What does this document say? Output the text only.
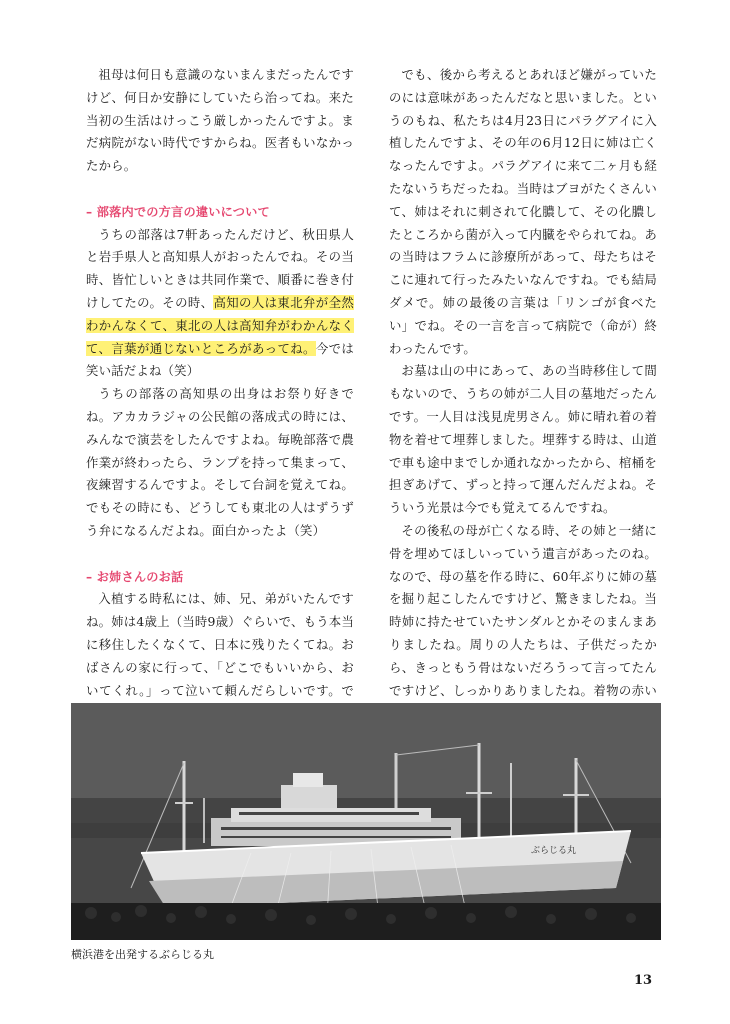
祖母は何日も意識のないまんまだったんですけど、何日か安静にしていたら治ってね。来た当初の生活はけっこう厳しかったんですよ。まだ病院がない時代ですからね。医者もいなかったから。

– 部落内での方言の違いについて

うちの部落は7軒あったんだけど、秋田県人と岩手県人と高知県人がおったんでね。その当時、皆忙しいときは共同作業で、順番に巻き付けしてたの。その時、高知の人は東北弁が全然わかんなくて、東北の人は高知弁がわかんなくて、言葉が通じないところがあってね。今では笑い話だよね（笑）

うちの部落の高知県の出身はお祭り好きでね。アカカラジャの公民館の落成式の時には、みんなで演芸をしたんですよね。毎晩部落で農作業が終わったら、ランプを持って集まって、夜練習するんですよ。そして台詞を覚えてね。でもその時にも、どうしても東北の人はずうずう弁になるんだよね。面白かったよ（笑）

– お姉さんのお話

入植する時私には、姉、兄、弟がいたんですね。姉は4歳上（当時9歳）ぐらいで、もう本当に移住したくなくて、日本に残りたくてね。おばさんの家に行って、「どこでもいいから、おいてくれ。」って泣いて頼んだらしいです。で

でも、後から考えるとあれほど嫌がっていたのには意味があったんだなと思いました。というのもね、私たちは4月23日にパラグアイに入植したんですよ、その年の6月12日に姉は亡くなったんですよ。パラグアイに来て二ヶ月も経たないうちだったね。当時はブヨがたくさんいて、姉はそれに刺されて化膿して、その化膿したところから菌が入って内臓をやられてね。あの当時はフラムに診療所があって、母たちはそこに連れて行ったみたいなんですね。でも結局ダメで。姉の最後の言葉は「リンゴが食べたい」でね。その一言を言って病院で（命が）終わったんです。

お墓は山の中にあって、あの当時移住して間もないので、うちの姉が二人目の墓地だったんです。一人目は浅見虎男さん。姉に晴れ着の着物を着せて埋葬しました。埋葬する時は、山道で車も途中までしか通れなかったから、棺桶を担ぎあげて、ずっと持って運んだんだよね。そういう光景は今でも覚えてるんですね。

その後私の母が亡くなる時、その姉と一緒に骨を埋めてほしいっていう遺言があったのね。なので、母の墓を作る時に、60年ぶりに姉の墓を掘り起こしたんですけど、驚きましたね。当時姉に持たせていたサンダルとかそのまんまありましたね。周りの人たちは、子供だったから、きっともう骨はないだろうって言ってたんですけど、しっかりありましたね。着物の赤い

ぶらじる丸
横浜港を出発するぶらじる丸
13
